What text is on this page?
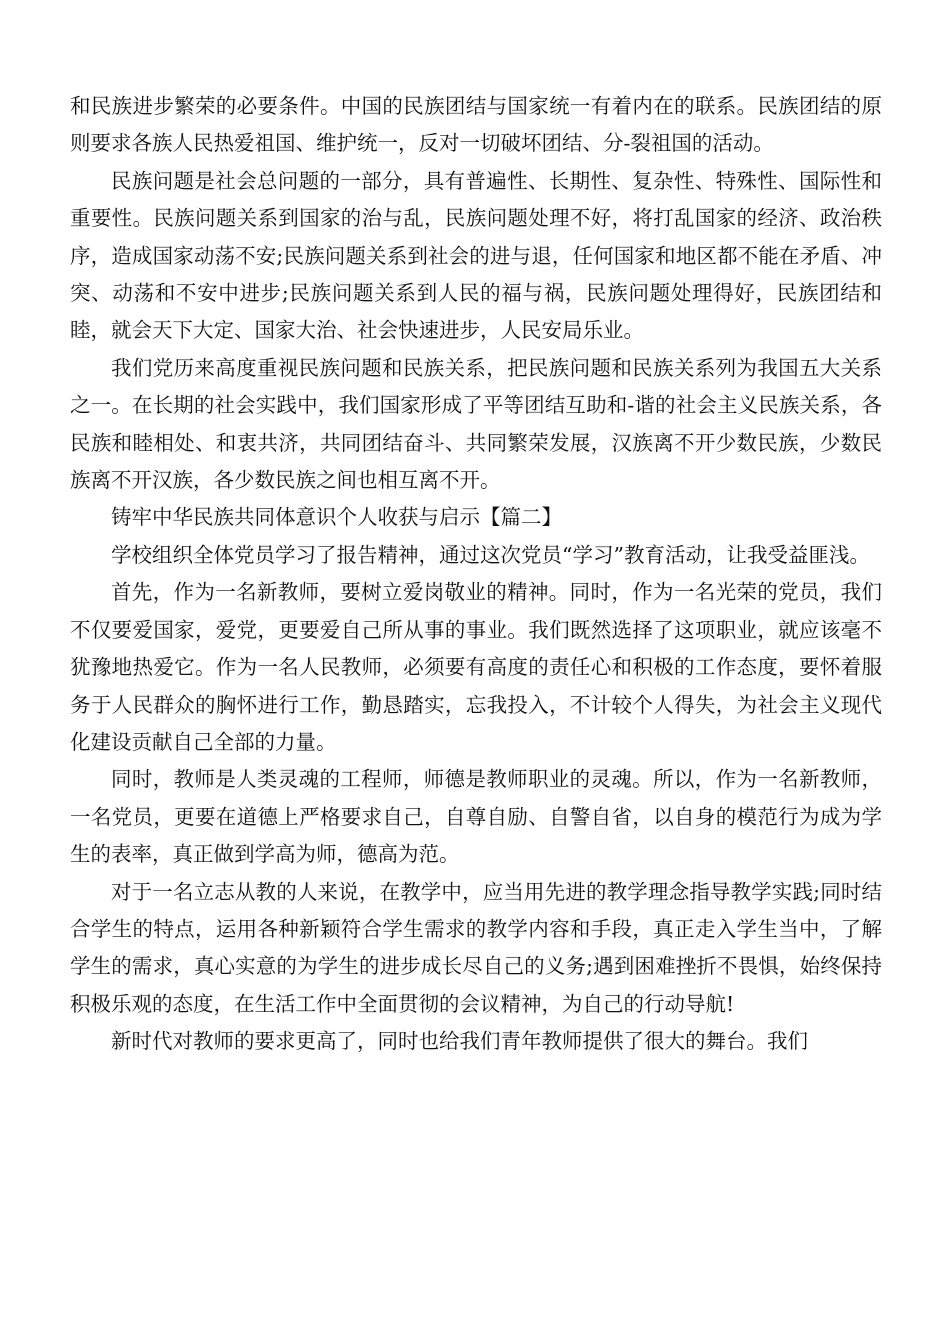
和民族进步繁荣的必要条件。中国的民族团结与国家统一有着内在的联系。民族团结的原则要求各族人民热爱祖国、维护统一，反对一切破坏团结、分-裂祖国的活动。

民族问题是社会总问题的一部分，具有普遍性、长期性、复杂性、特殊性、国际性和重要性。民族问题关系到国家的治与乱，民族问题处理不好，将打乱国家的经济、政治秩序，造成国家动荡不安;民族问题关系到社会的进与退，任何国家和地区都不能在矛盾、冲突、动荡和不安中进步;民族问题关系到人民的福与祸，民族问题处理得好，民族团结和睦，就会天下大定、国家大治、社会快速进步，人民安局乐业。

我们党历来高度重视民族问题和民族关系，把民族问题和民族关系列为我国五大关系之一。在长期的社会实践中，我们国家形成了平等团结互助和-谐的社会主义民族关系，各民族和睦相处、和衷共济，共同团结奋斗、共同繁荣发展，汉族离不开少数民族，少数民族离不开汉族，各少数民族之间也相互离不开。

铸牢中华民族共同体意识个人收获与启示【篇二】

学校组织全体党员学习了报告精神，通过这次党员“学习”教育活动，让我受益匪浅。

首先，作为一名新教师，要树立爱岗敬业的精神。同时，作为一名光荣的党员，我们不仅要爱国家，爱党，更要爱自己所从事的事业。我们既然选择了这项职业，就应该毫不犹豫地热爱它。作为一名人民教师，必须要有高度的责任心和积极的工作态度，要怀着服务于人民群众的胸怀进行工作，勤恳踏实，忘我投入，不计较个人得失，为社会主义现代化建设贡献自己全部的力量。

同时，教师是人类灵魂的工程师，师德是教师职业的灵魂。所以，作为一名新教师，一名党员，更要在道德上严格要求自己，自尊自励、自警自省，以自身的模范行为成为学生的表率，真正做到学高为师，德高为范。

对于一名立志从教的人来说，在教学中，应当用先进的教学理念指导教学实践;同时结合学生的特点，运用各种新颖符合学生需求的教学内容和手段，真正走入学生当中，了解学生的需求，真心实意的为学生的进步成长尽自己的义务;遇到困难挫折不畏惧，始终保持积极乐观的态度，在生活工作中全面贯彻的会议精神，为自己的行动导航!

新时代对教师的要求更高了，同时也给我们青年教师提供了很大的舞台。我们
